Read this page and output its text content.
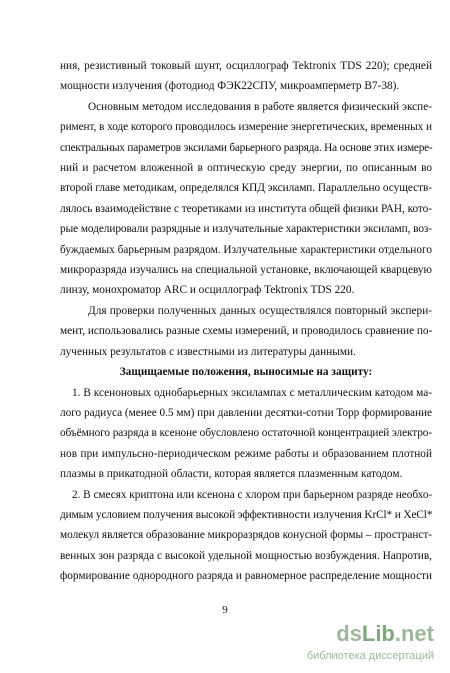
ния, резистивный токовый шунт, осциллограф Tektronix TDS 220); средней
мощности излучения (фотодиод ФЭК22СПУ, микроамперметр В7-38).
Основным методом исследования в работе является физический экспе-
римент, в ходе которого проводилось измерение энергетических, временных и
спектральных параметров эксилами барьерного разряда. На основе этих измере-
ний и расчетом вложенной в оптическую среду энергии, по описанным во
второй главе методикам, определялся КПД эксиламп. Параллельно осуществ-
лялось взаимодействие с теоретиками из института общей физики РАН, кото-
рые моделировали разрядные и излучательные характеристики эксиламп, воз-
буждаемых барьерным разрядом. Излучательные характеристики отдельного
микроразряда изучались на специальной установке, включающей кварцевую
линзу, монохроматор ARC и осциллограф Tektronix TDS 220.
Для проверки полученных данных осуществлялся повторный экспери-
мент, использовались разные схемы измерений, и проводилось сравнение по-
лученных результатов с известными из литературы данными.
Защищаемые положения, выносимые на защиту:
1. В ксеноновых однобарьерных эксилампах с металлическим катодом ма-
лого радиуса (менее 0.5 мм) при давлении десятки-сотни Торр формирование
объёмного разряда в ксеноне обусловлено остаточной концентрацией электро-
нов при импульсно-периодическом режиме работы и образованием плотной
плазмы в прикатодной области, которая является плазменным катодом.
2. В смесях криптона или ксенона с хлором при барьерном разряде необхо-
димым условием получения высокой эффективности излучения KrCl* и XeCl*
молекул является образование микроразрядов конусной формы – пространст-
венных зон разряда с высокой удельной мощностью возбуждения. Напротив,
формирование однородного разряда и равномерное распределение мощности
9
dsLib.net
библиотека диссертаций
